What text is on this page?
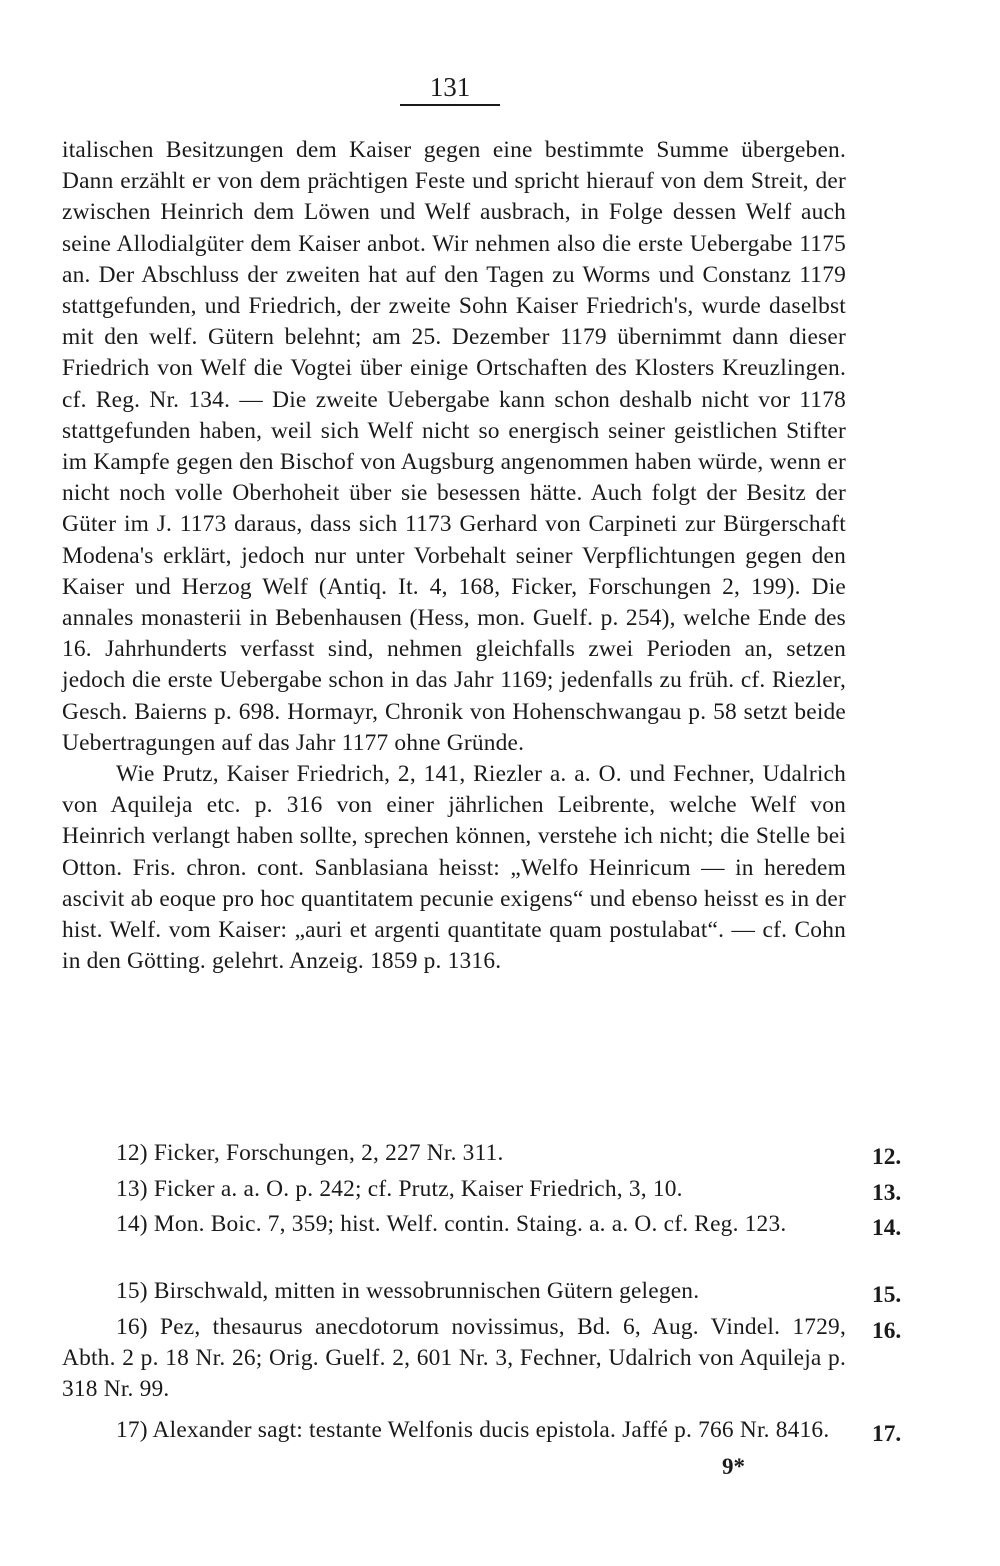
131

italischen Besitzungen dem Kaiser gegen eine bestimmte Summe übergeben. Dann erzählt er von dem prächtigen Feste und spricht hierauf von dem Streit, der zwischen Heinrich dem Löwen und Welf ausbrach, in Folge dessen Welf auch seine Allodialgüter dem Kaiser anbot. Wir nehmen also die erste Uebergabe 1175 an. Der Abschluss der zweiten hat auf den Tagen zu Worms und Constanz 1179 stattgefunden, und Friedrich, der zweite Sohn Kaiser Friedrich's, wurde daselbst mit den welf. Gütern belehnt; am 25. Dezember 1179 übernimmt dann dieser Friedrich von Welf die Vogtei über einige Ortschaften des Klosters Kreuzlingen. cf. Reg. Nr. 134. — Die zweite Uebergabe kann schon deshalb nicht vor 1178 stattgefunden haben, weil sich Welf nicht so energisch seiner geistlichen Stifter im Kampfe gegen den Bischof von Augsburg angenommen haben würde, wenn er nicht noch volle Oberhoheit über sie besessen hätte. Auch folgt der Besitz der Güter im J. 1173 daraus, dass sich 1173 Gerhard von Carpineti zur Bürgerschaft Modena's erklärt, jedoch nur unter Vorbehalt seiner Verpflichtungen gegen den Kaiser und Herzog Welf (Antiq. It. 4, 168, Ficker, Forschungen 2, 199). Die annales monasterii in Bebenhausen (Hess, mon. Guelf. p. 254), welche Ende des 16. Jahrhunderts verfasst sind, nehmen gleichfalls zwei Perioden an, setzen jedoch die erste Uebergabe schon in das Jahr 1169; jedenfalls zu früh. cf. Riezler, Gesch. Baierns p. 698. Hormayr, Chronik von Hohenschwangau p. 58 setzt beide Uebertragungen auf das Jahr 1177 ohne Gründe.

Wie Prutz, Kaiser Friedrich, 2, 141, Riezler a. a. O. und Fechner, Udalrich von Aquileja etc. p. 316 von einer jährlichen Leibrente, welche Welf von Heinrich verlangt haben sollte, sprechen können, verstehe ich nicht; die Stelle bei Otton. Fris. chron. cont. Sanblasiana heisst: „Welfo Heinricum — in heredem ascivit ab eoque pro hoc quantitatem pecunie exigens“ und ebenso heisst es in der hist. Welf. vom Kaiser: „auri et argenti quantitate quam postulabat“. — cf. Cohn in den Götting. gelehrt. Anzeig. 1859 p. 1316.

12) Ficker, Forschungen, 2, 227 Nr. 311.	12.
13) Ficker a. a. O. p. 242; cf. Prutz, Kaiser Friedrich, 3, 10.	13.
14) Mon. Boic. 7, 359; hist. Welf. contin. Staing. a. a. O. cf. Reg. 123.	14.
15) Birschwald, mitten in wessobrunnischen Gütern gelegen.	15.
16) Pez, thesaurus anecdotorum novissimus, Bd. 6, Aug. Vindel. 1729, Abth. 2 p. 18 Nr. 26; Orig. Guelf. 2, 601 Nr. 3, Fechner, Udalrich von Aquileja p. 318 Nr. 99.
16.
17) Alexander sagt: testante Welfonis ducis epistola. Jaffé p. 766 Nr. 8416.	17.
9*
